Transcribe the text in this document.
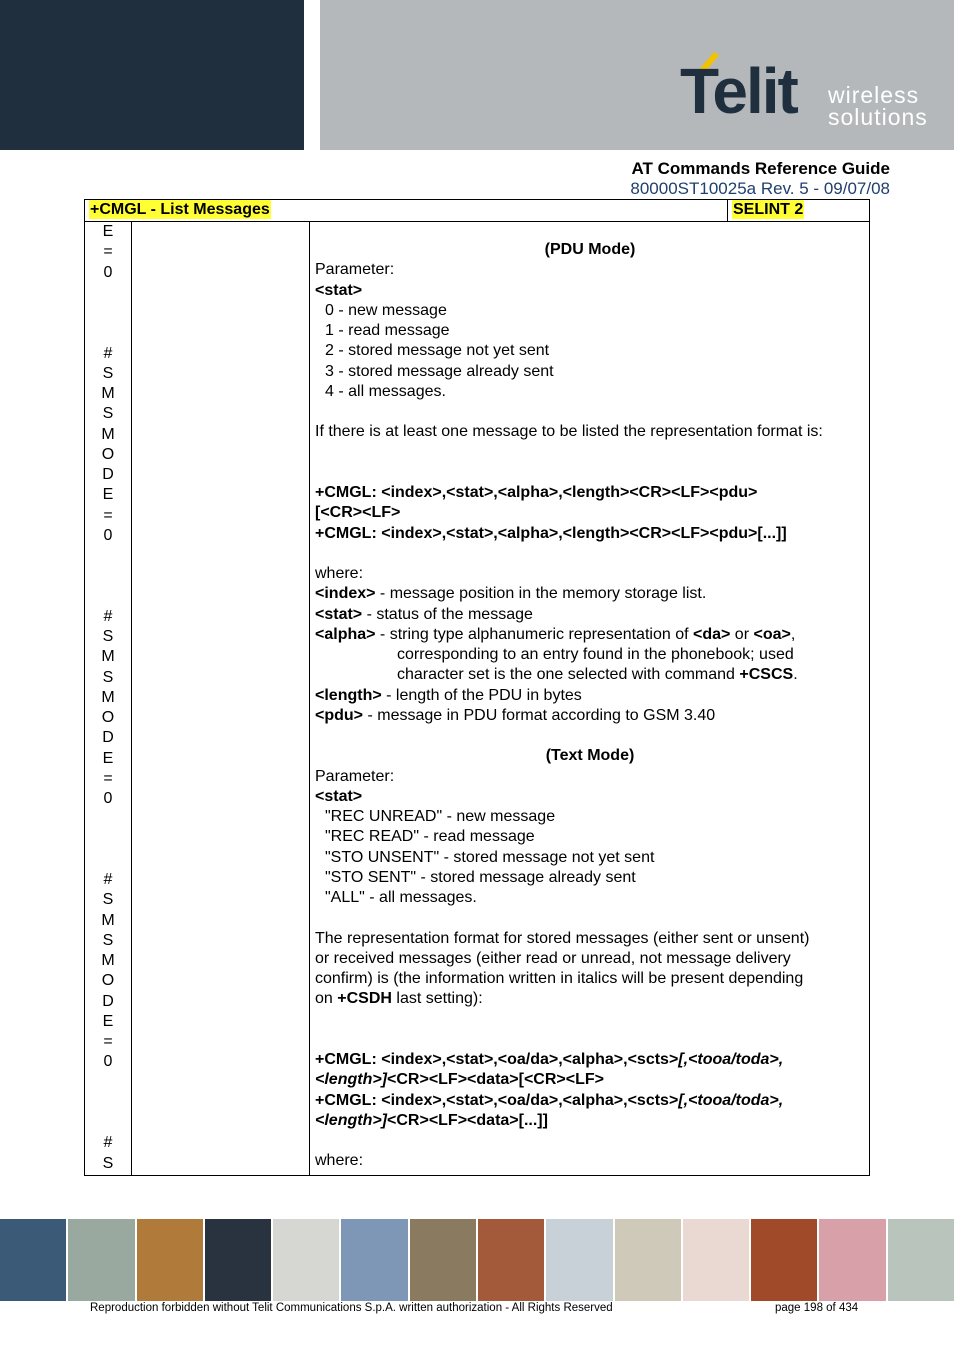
Telit wireless
solutions
AT Commands Reference Guide
80000ST10025a Rev. 5 - 09/07/08
+CMGL - List Messages	SELINT 2
E
=
0

#
S
M
S
M
O
D
E
=
0

#
S
M
S
M
O
D
E
=
0

#
S
M
S
M
O
D
E
=
0

#
S

(PDU Mode)

Parameter:

<stat>

0 - new message

1 - read message

2 - stored message not yet sent

3 - stored message already sent

4 - all messages.

If there is at least one message to be listed the representation format is:

+CMGL: <index>,<stat>,<alpha>,<length><CR><LF><pdu>

[<CR><LF>

+CMGL: <index>,<stat>,<alpha>,<length><CR><LF><pdu>[...]]

where:

<index> - message position in the memory storage list.

<stat> - status of the message

<alpha> - string type alphanumeric representation of <da> or <oa>,

corresponding to an entry found in the phonebook; used

character set is the one selected with command +CSCS.

<length> - length of the PDU in bytes

<pdu> - message in PDU format according to GSM 3.40

(Text Mode)

Parameter:

<stat>

"REC UNREAD" - new message

"REC READ" - read message

"STO UNSENT" - stored message not yet sent

"STO SENT" - stored message already sent

"ALL" - all messages.

The representation format for stored messages (either sent or unsent)

or received messages (either read or unread, not message delivery

confirm) is (the information written in italics will be present depending

on +CSDH last setting):

+CMGL: <index>,<stat>,<oa/da>,<alpha>,<scts>[,<tooa/toda>,

<length>]<CR><LF><data>[<CR><LF>

+CMGL: <index>,<stat>,<oa/da>,<alpha>,<scts>[,<tooa/toda>,

<length>]<CR><LF><data>[...]]

where:

Reproduction forbidden without Telit Communications S.p.A. written authorization - All Rights Reserved	page 198 of 434
